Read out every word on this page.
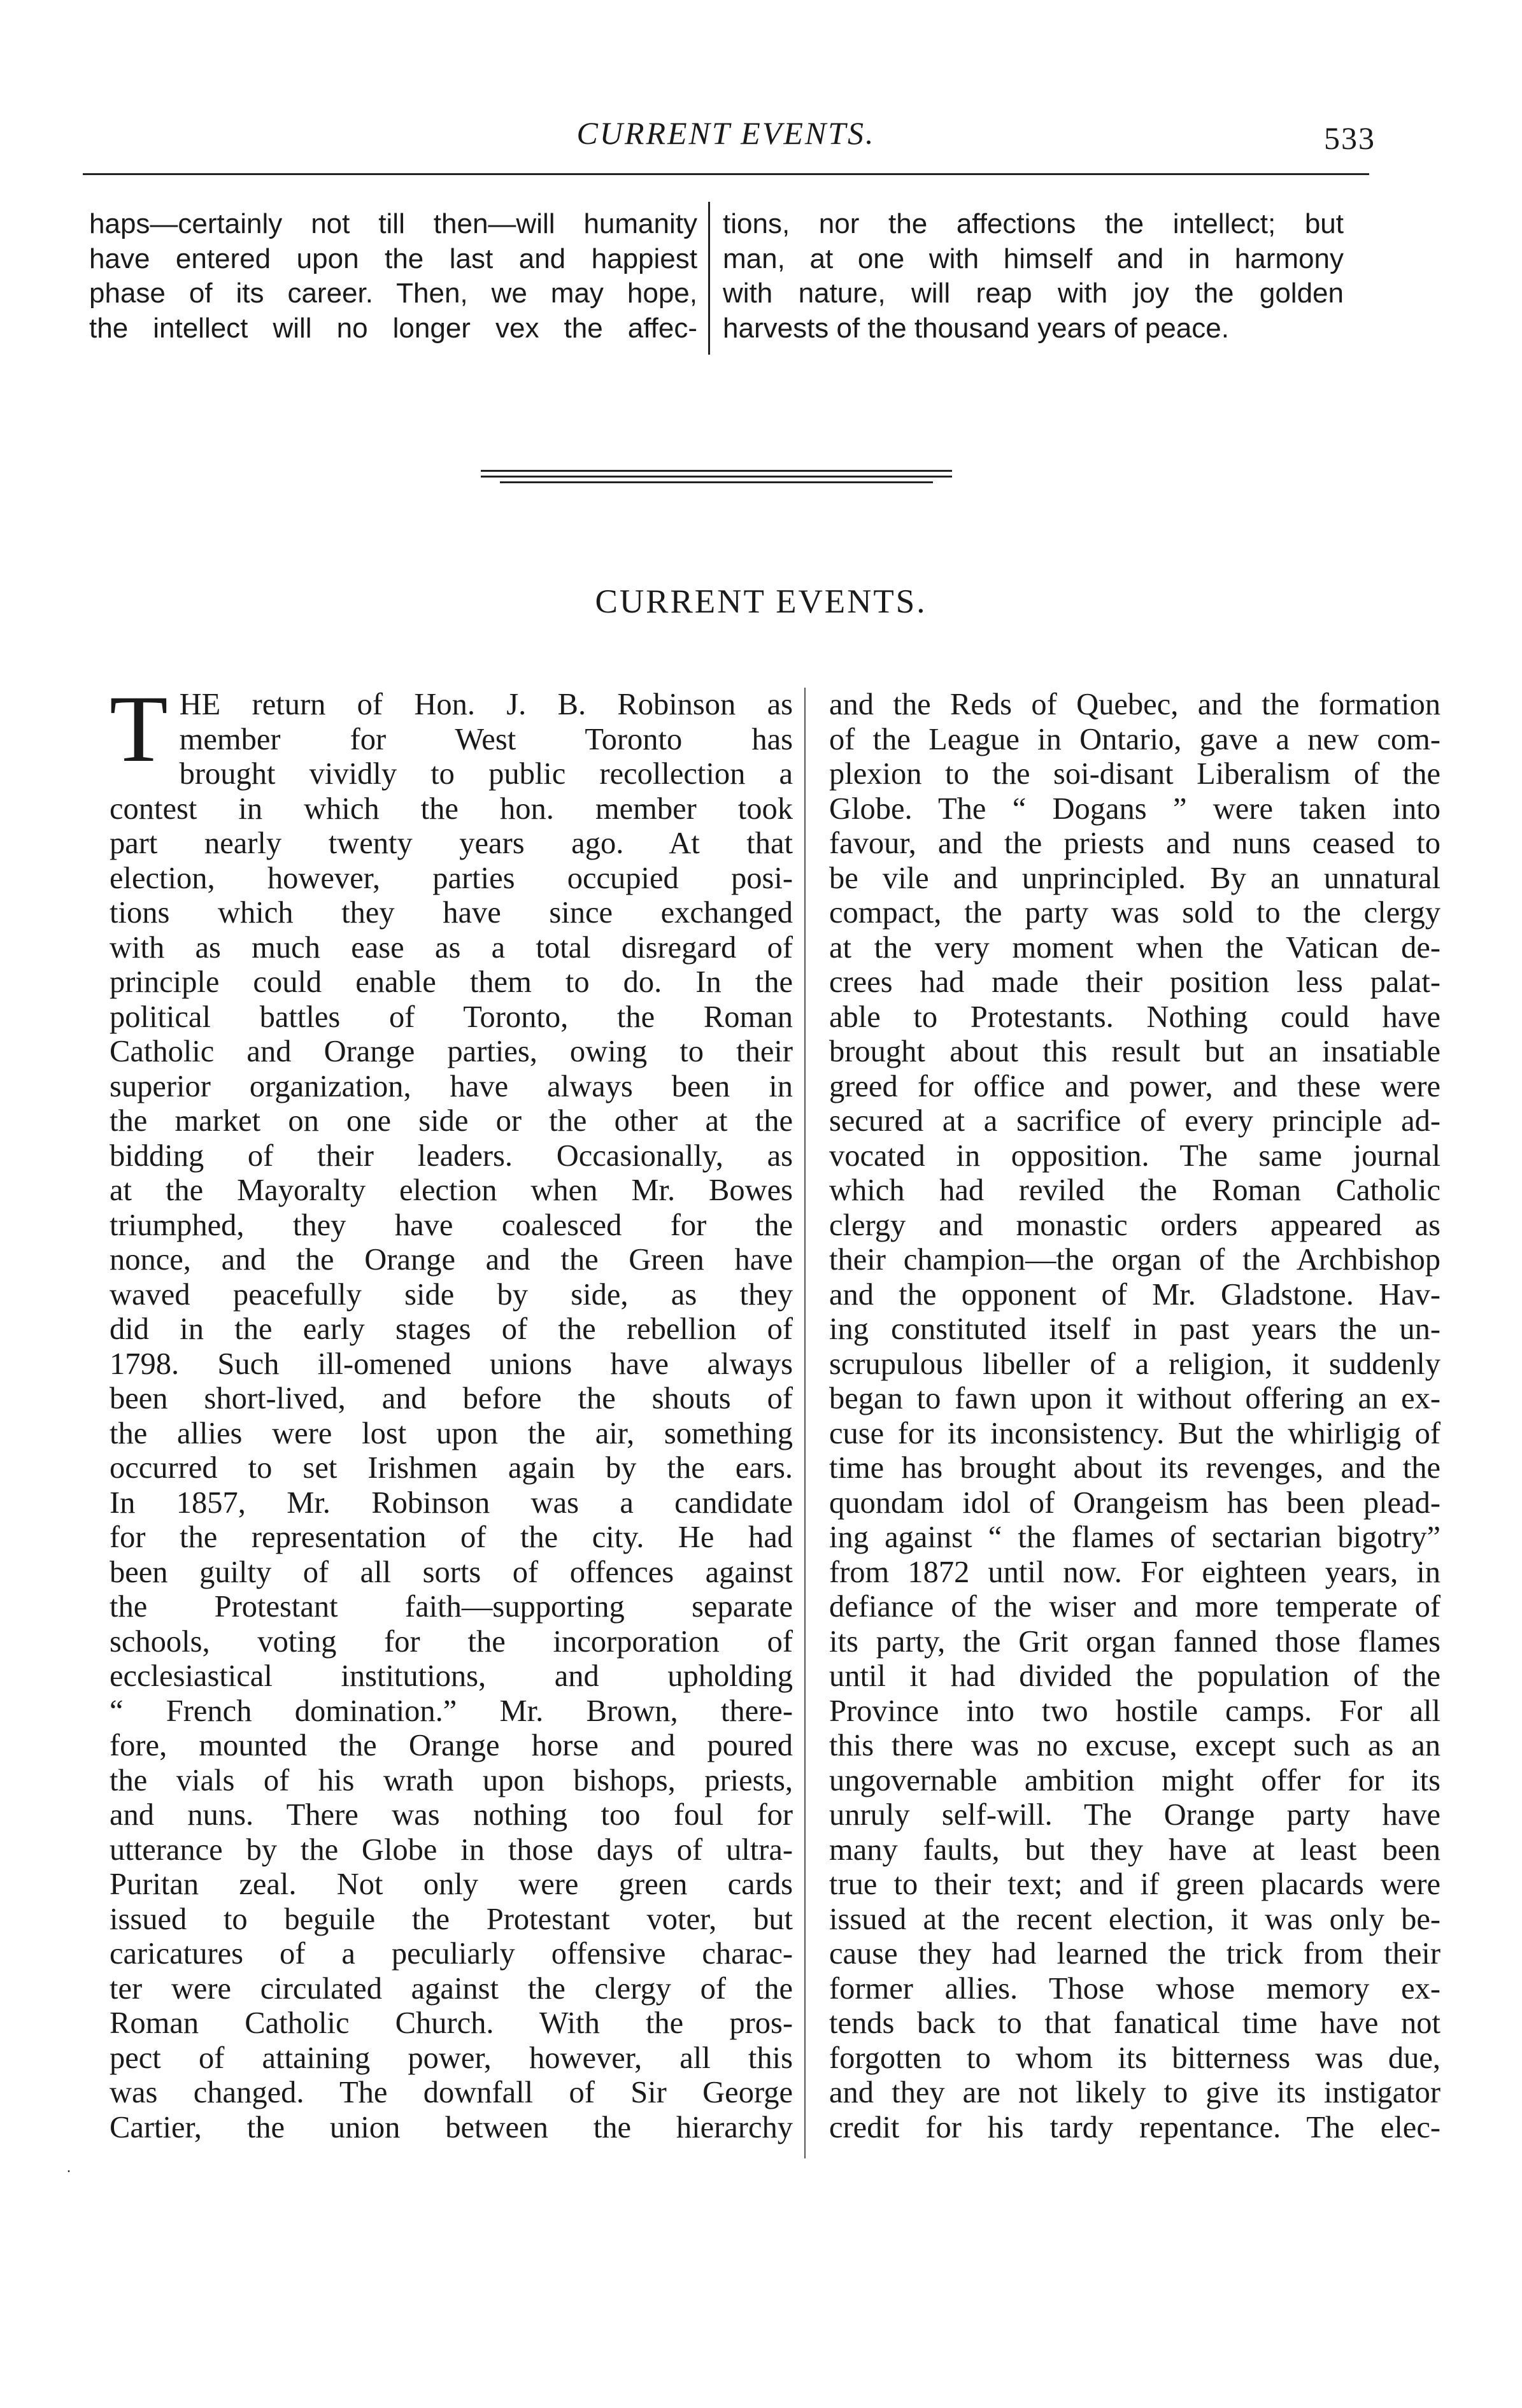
CURRENT EVENTS.	533

haps—certainly not till then—will humanity

have entered upon the last and happiest

phase of its career. Then, we may hope,

the intellect will no longer vex the affec-

tions, nor the affections the intellect; but

man, at one with himself and in harmony

with nature, will reap with joy the golden

harvests of the thousand years of peace.

CURRENT EVENTS.
T HE return of Hon. J. B. Robinson as

member for West Toronto has

brought vividly to public recollection a

contest in which the hon. member took

part nearly twenty years ago. At that

election, however, parties occupied posi-

tions which they have since exchanged

with as much ease as a total disregard of

principle could enable them to do. In the

political battles of Toronto, the Roman

Catholic and Orange parties, owing to their

superior organization, have always been in

the market on one side or the other at the

bidding of their leaders. Occasionally, as

at the Mayoralty election when Mr. Bowes

triumphed, they have coalesced for the

nonce, and the Orange and the Green have

waved peacefully side by side, as they

did in the early stages of the rebellion of

1798. Such ill-omened unions have always

been short-lived, and before the shouts of

the allies were lost upon the air, something

occurred to set Irishmen again by the ears.

In 1857, Mr. Robinson was a candidate

for the representation of the city. He had

been guilty of all sorts of offences against

the Protestant faith—supporting separate

schools, voting for the incorporation of

ecclesiastical institutions, and upholding

“ French domination.” Mr. Brown, there-

fore, mounted the Orange horse and poured

the vials of his wrath upon bishops, priests,

and nuns. There was nothing too foul for

utterance by the Globe in those days of ultra-

Puritan zeal. Not only were green cards

issued to beguile the Protestant voter, but

caricatures of a peculiarly offensive charac-

ter were circulated against the clergy of the

Roman Catholic Church. With the pros-

pect of attaining power, however, all this

was changed. The downfall of Sir George

Cartier, the union between the hierarchy

and the Reds of Quebec, and the formation

of the League in Ontario, gave a new com-

plexion to the soi-disant Liberalism of the

Globe. The “ Dogans ” were taken into

favour, and the priests and nuns ceased to

be vile and unprincipled. By an unnatural

compact, the party was sold to the clergy

at the very moment when the Vatican de-

crees had made their position less palat-

able to Protestants. Nothing could have

brought about this result but an insatiable

greed for office and power, and these were

secured at a sacrifice of every principle ad-

vocated in opposition. The same journal

which had reviled the Roman Catholic

clergy and monastic orders appeared as

their champion—the organ of the Archbishop

and the opponent of Mr. Gladstone. Hav-

ing constituted itself in past years the un-

scrupulous libeller of a religion, it suddenly

began to fawn upon it without offering an ex-

cuse for its inconsistency. But the whirligig of

time has brought about its revenges, and the

quondam idol of Orangeism has been plead-

ing against “ the flames of sectarian bigotry”

from 1872 until now. For eighteen years, in

defiance of the wiser and more temperate of

its party, the Grit organ fanned those flames

until it had divided the population of the

Province into two hostile camps. For all

this there was no excuse, except such as an

ungovernable ambition might offer for its

unruly self-will. The Orange party have

many faults, but they have at least been

true to their text; and if green placards were

issued at the recent election, it was only be-

cause they had learned the trick from their

former allies. Those whose memory ex-

tends back to that fanatical time have not

forgotten to whom its bitterness was due,

and they are not likely to give its instigator

credit for his tardy repentance. The elec-

·
